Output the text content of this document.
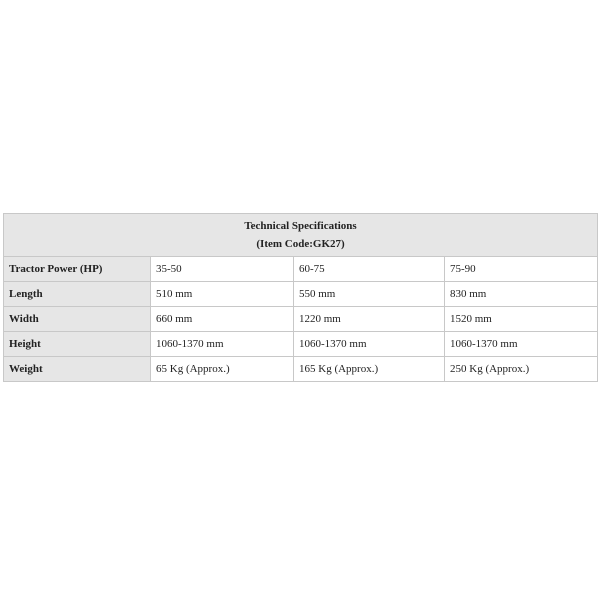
Technical Specifications
(Item Code:GK27)			

Tractor Power (HP)	35-50	60-75	75-90
Length	510 mm	550 mm	830 mm
Width	660 mm	1220 mm	1520 mm
Height	1060-1370 mm	1060-1370 mm	1060-1370 mm
Weight	65 Kg (Approx.)	165 Kg (Approx.)	250 Kg (Approx.)
